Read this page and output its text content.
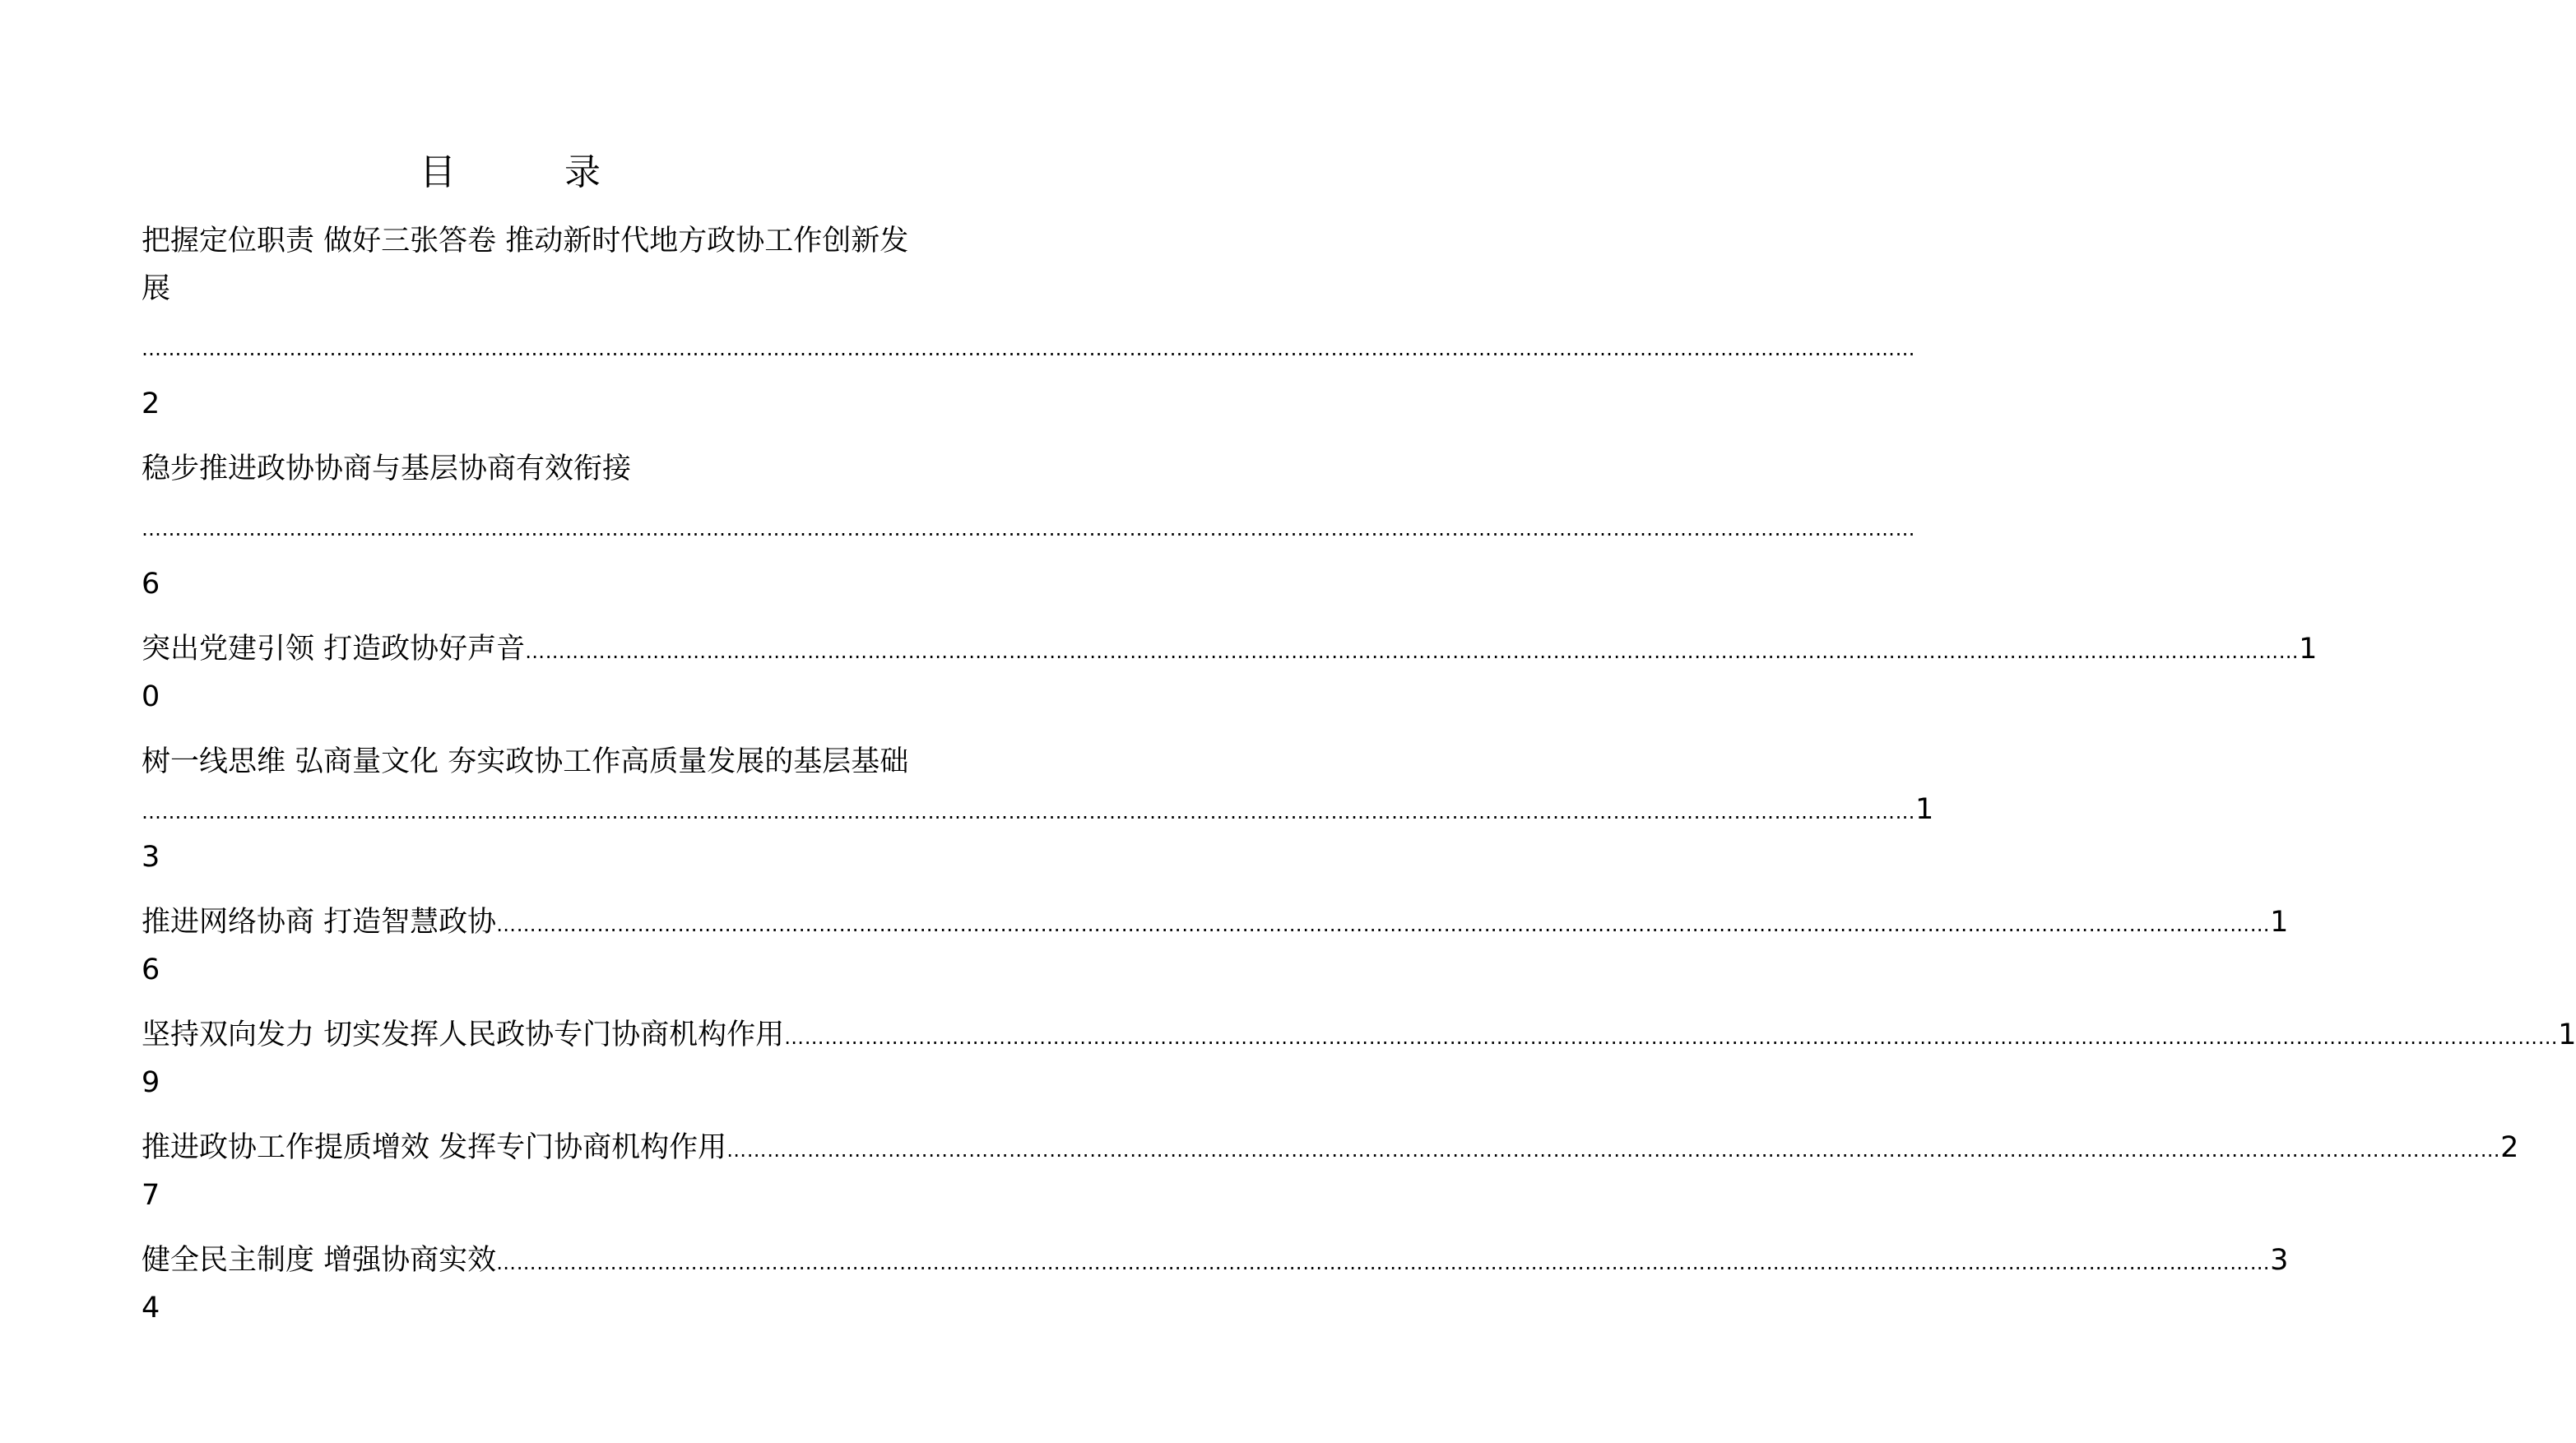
目　录
把握定位职责 做好三张答卷 推动新时代地方政协工作创新发
展
…………………………………………………………………………………………………………………………………………………………………………………………………………………………………………
2
稳步推进政协协商与基层协商有效衔接
…………………………………………………………………………………………………………………………………………………………………………………………………………………………………………
6
突出党建引领 打造政协好声音 ………………………………………………………………………………………………………………………………………………………………………………………………………………………………………… 1
0
树一线思维 弘商量文化 夯实政协工作高质量发展的基层基础
………………………………………………………………………………………………………………………………………………………………………………………………………………………………………… 1
3
推进网络协商 打造智慧政协 ………………………………………………………………………………………………………………………………………………………………………………………………………………………………………… 1
6
坚持双向发力 切实发挥人民政协专门协商机构作用 ………………………………………………………………………………………………………………………………………………………………………………………………………………………………………… 1
9
推进政协工作提质增效 发挥专门协商机构作用 ………………………………………………………………………………………………………………………………………………………………………………………………………………………………………… 2
7
健全民主制度 增强协商实效 ………………………………………………………………………………………………………………………………………………………………………………………………………………………………………… 3
4
